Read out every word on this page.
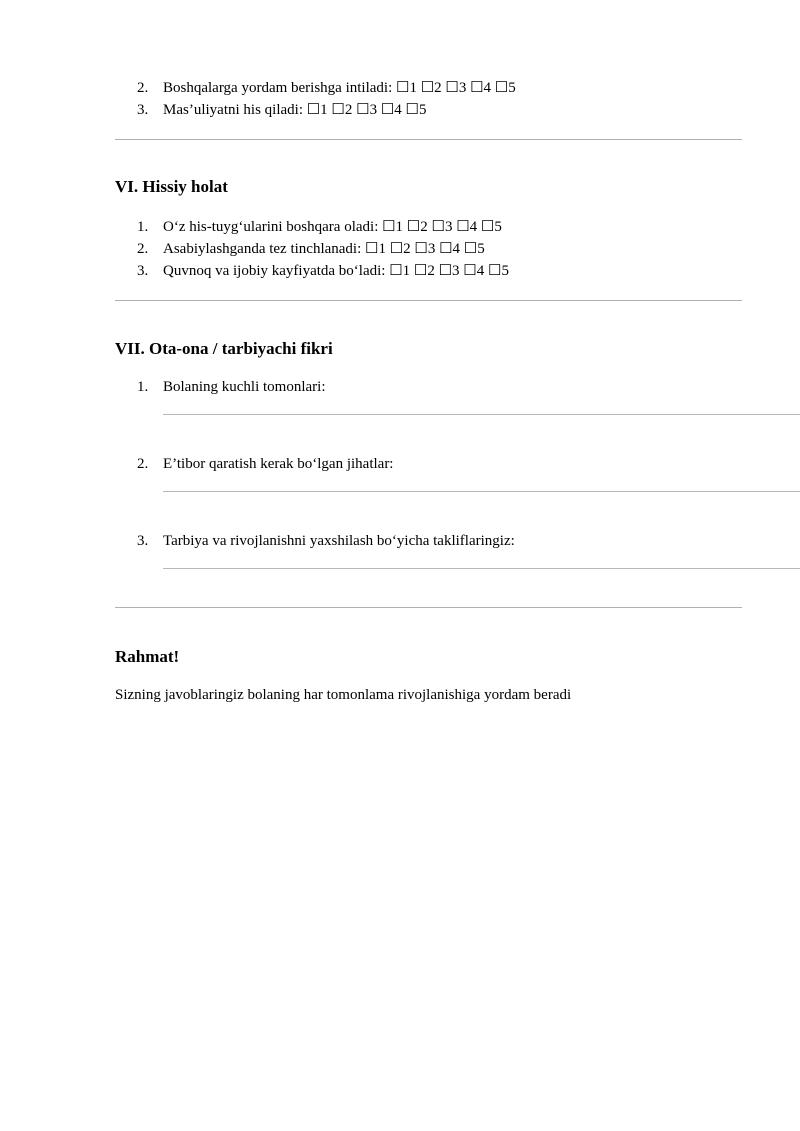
2. Boshqalarga yordam berishga intiladi: ☐1 ☐2 ☐3 ☐4 ☐5
3. Mas’uliyatni his qiladi: ☐1 ☐2 ☐3 ☐4 ☐5
VI. Hissiy holat
1. O‘z his-tuyg‘ularini boshqara oladi: ☐1 ☐2 ☐3 ☐4 ☐5
2. Asabiylashganda tez tinchlanadi: ☐1 ☐2 ☐3 ☐4 ☐5
3. Quvnoq va ijobiy kayfiyatda bo‘ladi: ☐1 ☐2 ☐3 ☐4 ☐5
VII. Ota-ona / tarbiyachi fikri
1. Bolaning kuchli tomonlari:
2. E’tibor qaratish kerak bo‘lgan jihatlar:
3. Tarbiya va rivojlanishni yaxshilash bo‘yicha takliflaringiz:
Rahmat!
Sizning javoblaringiz bolaning har tomonlama rivojlanishiga yordam beradi
